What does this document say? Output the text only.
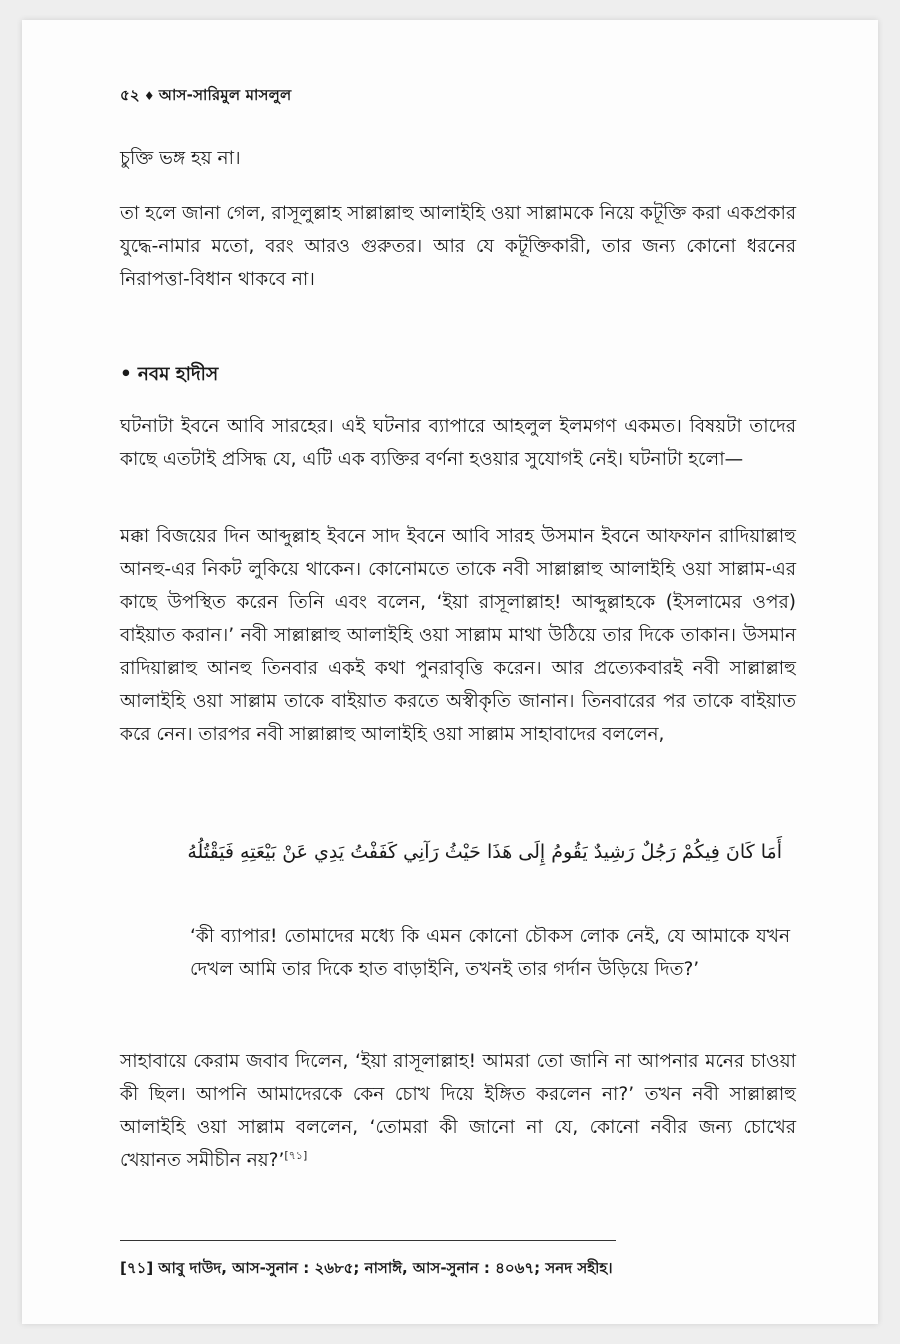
৫২ ♦ আস-সারিমুল মাসলুল
চুক্তি ভঙ্গ হয় না।
তা হলে জানা গেল, রাসূলুল্লাহ সাল্লাল্লাহু আলাইহি ওয়া সাল্লামকে নিয়ে কটূক্তি করা একপ্রকার যুদ্ধে-নামার মতো, বরং আরও গুরুতর। আর যে কটূক্তিকারী, তার জন্য কোনো ধরনের নিরাপত্তা-বিধান থাকবে না।
• নবম হাদীস
ঘটনাটা ইবনে আবি সারহের। এই ঘটনার ব্যাপারে আহলুল ইলমগণ একমত। বিষয়টা তাদের কাছে এতটাই প্রসিদ্ধ যে, এটি এক ব্যক্তির বর্ণনা হওয়ার সুযোগই নেই। ঘটনাটা হলো—
মক্কা বিজয়ের দিন আব্দুল্লাহ ইবনে সাদ ইবনে আবি সারহ উসমান ইবনে আফফান রাদিয়াল্লাহু আনহু-এর নিকট লুকিয়ে থাকেন। কোনোমতে তাকে নবী সাল্লাল্লাহু আলাইহি ওয়া সাল্লাম-এর কাছে উপস্থিত করেন তিনি এবং বলেন, ‘ইয়া রাসূলাল্লাহ! আব্দুল্লাহকে (ইসলামের ওপর) বাইয়াত করান।’ নবী সাল্লাল্লাহু আলাইহি ওয়া সাল্লাম মাথা উঠিয়ে তার দিকে তাকান। উসমান রাদিয়াল্লাহু আনহু তিনবার একই কথা পুনরাবৃত্তি করেন। আর প্রত্যেকবারই নবী সাল্লাল্লাহু আলাইহি ওয়া সাল্লাম তাকে বাইয়াত করতে অস্বীকৃতি জানান। তিনবারের পর তাকে বাইয়াত করে নেন। তারপর নবী সাল্লাল্লাহু আলাইহি ওয়া সাল্লাম সাহাবাদের বললেন,
أَمَا كَانَ فِيكُمْ رَجُلٌ رَشِيدٌ يَقُومُ إِلَى هَذَا حَيْثُ رَآنِي كَفَفْتُ يَدِي عَنْ بَيْعَتِهِ فَيَقْتُلُهُ
‘কী ব্যাপার! তোমাদের মধ্যে কি এমন কোনো চৌকস লোক নেই, যে আমাকে যখন দেখল আমি তার দিকে হাত বাড়াইনি, তখনই তার গর্দান উড়িয়ে দিত?’
সাহাবায়ে কেরাম জবাব দিলেন, ‘ইয়া রাসূলাল্লাহ! আমরা তো জানি না আপনার মনের চাওয়া কী ছিল। আপনি আমাদেরকে কেন চোখ দিয়ে ইঙ্গিত করলেন না?’ তখন নবী সাল্লাল্লাহু আলাইহি ওয়া সাল্লাম বললেন, ‘তোমরা কী জানো না যে, কোনো নবীর জন্য চোখের খেয়ানত সমীচীন নয়?’[৭১]
[৭১] আবু দাউদ, আস-সুনান : ২৬৮৫; নাসাঈ, আস-সুনান : ৪০৬৭; সনদ সহীহ।
